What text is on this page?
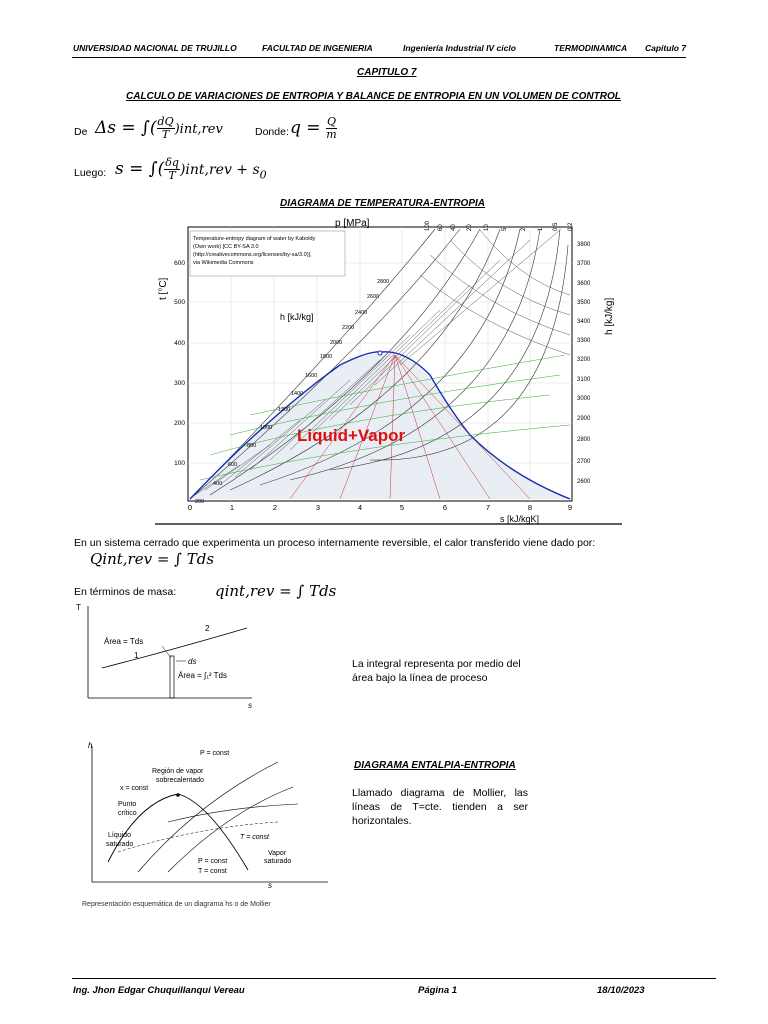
UNIVERSIDAD NACIONAL DE TRUJILLO	FACULTAD DE INGENIERIA	Ingeniería Industrial IV ciclo	TERMODINAMICA Capitulo 7
CAPITULO 7
CALCULO DE VARIACIONES DE ENTROPIA Y BALANCE DE ENTROPIA EN UN VOLUMEN DE CONTROL
De Δs = ∫( $\frac{dQ}{T} )int,rev$	Donde: $q = \frac{Q}{m}$
Luego: s = ∫( $\frac{\delta q}{T} )int,rev + s_0$
DIAGRAMA DE TEMPERATURA-ENTROPIA
Temperature-entropy diagram of water by Kaboldy
(Own work) [CC BY-SA 3.0
(http://creativecommons.org/licenses/by-sa/3.0)],
via Wikimedia Commons
p [MPa]	100 60 40 20 10 5 2 1 0,5 0,2
t [°C]
600
500
400
300
200
100
h [kJ/kg]
2800
2600
2400
2200
2000
1800
1600
1400
1200
1000
800
600
400
200
3800
3700
3600
3500
3400
3300
3200
3100
3000
2900
2800
2700
2600
h [kJ/kg]
0	1	2	3	4	5	6	7	8	9
s [kJ/kgK]
Liquid+Vapor
En un sistema cerrado que experimenta un proceso internamente reversible, el calor transferido viene dado por:
Qint,rev = ∫ Tds
En términos de masa:	qint,rev = ∫ Tds
T
s
1
2
Área = Tds
ds
Área = ∫₁² Tds
La integral representa por medio del área bajo la línea de proceso
h
s
P = const
Región de vapor
sobrecalentado
x = const
Punto
crítico
Líquido
saturado
T = const
Vapor
saturado
P = const
T = const
Representación esquemática de un diagrama hs o de Mollier
DIAGRAMA ENTALPIA-ENTROPIA
Llamado diagrama de Mollier, las líneas de T=cte. tienden a ser horizontales.
Ing. Jhon Edgar Chuquillanqui Vereau	Página 1	18/10/2023
